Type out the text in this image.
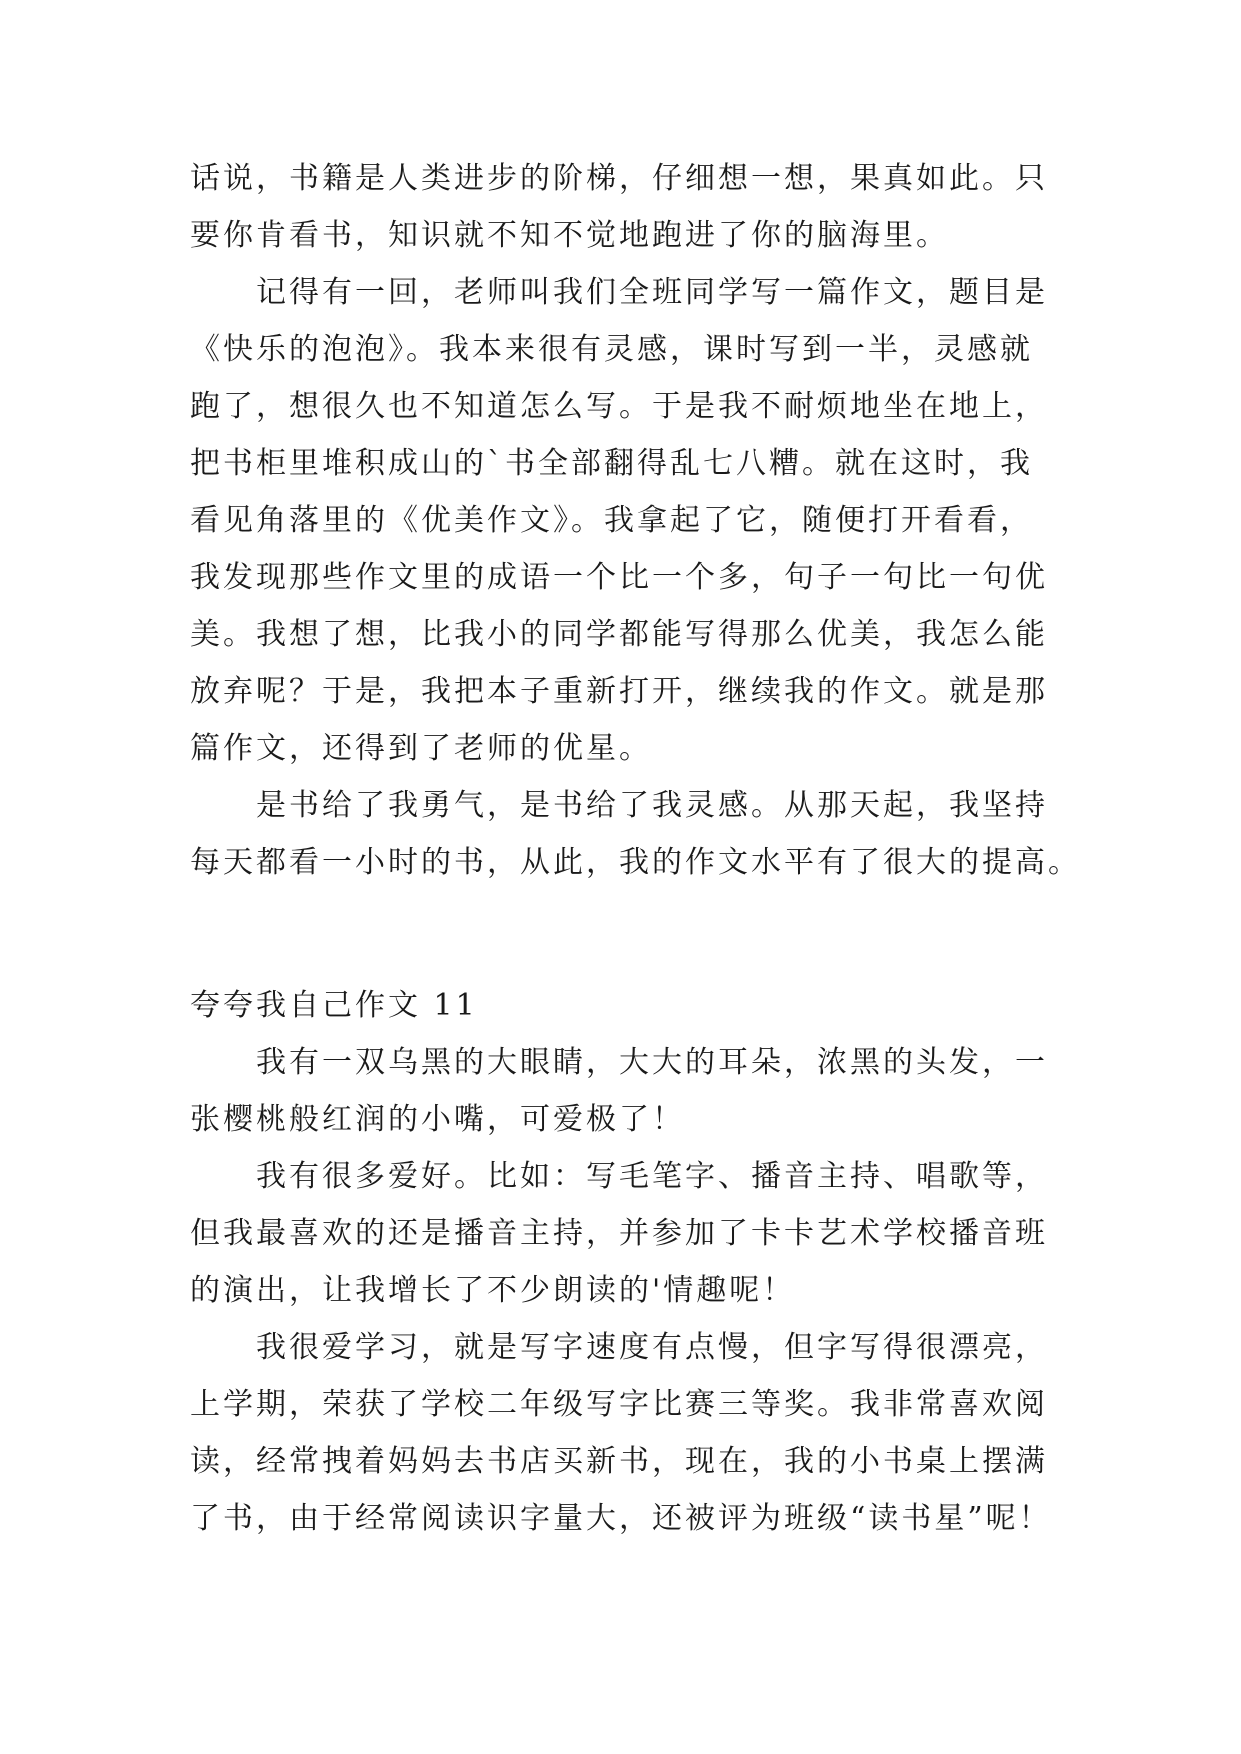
话说，书籍是人类进步的阶梯，仔细想一想，果真如此。只
要你肯看书，知识就不知不觉地跑进了你的脑海里。
记得有一回，老师叫我们全班同学写一篇作文，题目是
《快乐的泡泡》。我本来很有灵感，课时写到一半，灵感就
跑了，想很久也不知道怎么写。于是我不耐烦地坐在地上，
把书柜里堆积成山的`书全部翻得乱七八糟。就在这时，我
看见角落里的《优美作文》。我拿起了它，随便打开看看，
我发现那些作文里的成语一个比一个多，句子一句比一句优
美。我想了想，比我小的同学都能写得那么优美，我怎么能
放弃呢？于是，我把本子重新打开，继续我的作文。就是那
篇作文，还得到了老师的优星。
是书给了我勇气，是书给了我灵感。从那天起，我坚持
每天都看一小时的书，从此，我的作文水平有了很大的提高。
夸夸我自己作文 11
我有一双乌黑的大眼睛，大大的耳朵，浓黑的头发，一
张樱桃般红润的小嘴，可爱极了！
我有很多爱好。比如：写毛笔字、播音主持、唱歌等，
但我最喜欢的还是播音主持，并参加了卡卡艺术学校播音班
的演出，让我增长了不少朗读的'情趣呢！
我很爱学习，就是写字速度有点慢，但字写得很漂亮，
上学期，荣获了学校二年级写字比赛三等奖。我非常喜欢阅
读，经常拽着妈妈去书店买新书，现在，我的小书桌上摆满
了书，由于经常阅读识字量大，还被评为班级“读书星”呢！
